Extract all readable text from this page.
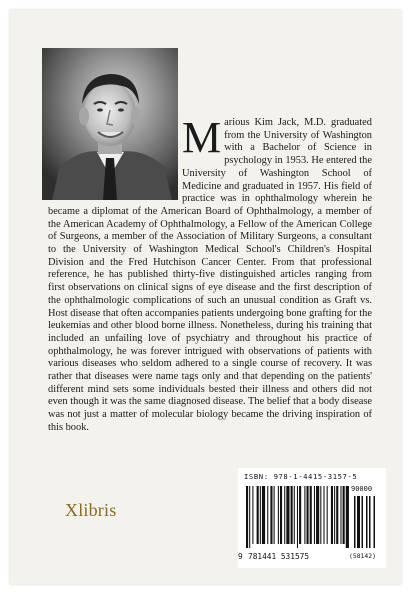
M arious Kim Jack, M.D. graduated from the University of Washington with a Bachelor of Science in psychology in 1953. He entered the University of Washington School of Medicine and graduated in 1957. His field of practice was in ophthalmology wherein he became a diplomat of the American Board of Ophthalmology, a member of the American Academy of Ophthalmology, a Fellow of the American College of Surgeons, a member of the Association of Military Surgeons, a consultant to the University of Washington Medical School's Children's Hospital Division and the Fred Hutchison Cancer Center. From that professional reference, he has published thirty-five distinguished articles ranging from first observations on clinical signs of eye disease and the first description of the ophthalmologic complications of such an unusual condition as Graft vs. Host disease that often accompanies patients undergoing bone grafting for the leukemias and other blood borne illness. Nonetheless, during his training that included an unfailing love of psychiatry and throughout his practice of ophthalmology, he was forever intrigued with observations of patients with various diseases who seldom adhered to a single course of recovery. It was rather that diseases were name tags only and that depending on the patients' different mind sets some individuals bested their illness and others did not even though it was the same diagnosed disease. The belief that a body disease was not just a matter of molecular biology became the driving inspiration of this book.
Xlibris
ISBN: 978-1-4415-3157-5
90000
9 781441 531575	(58142)
